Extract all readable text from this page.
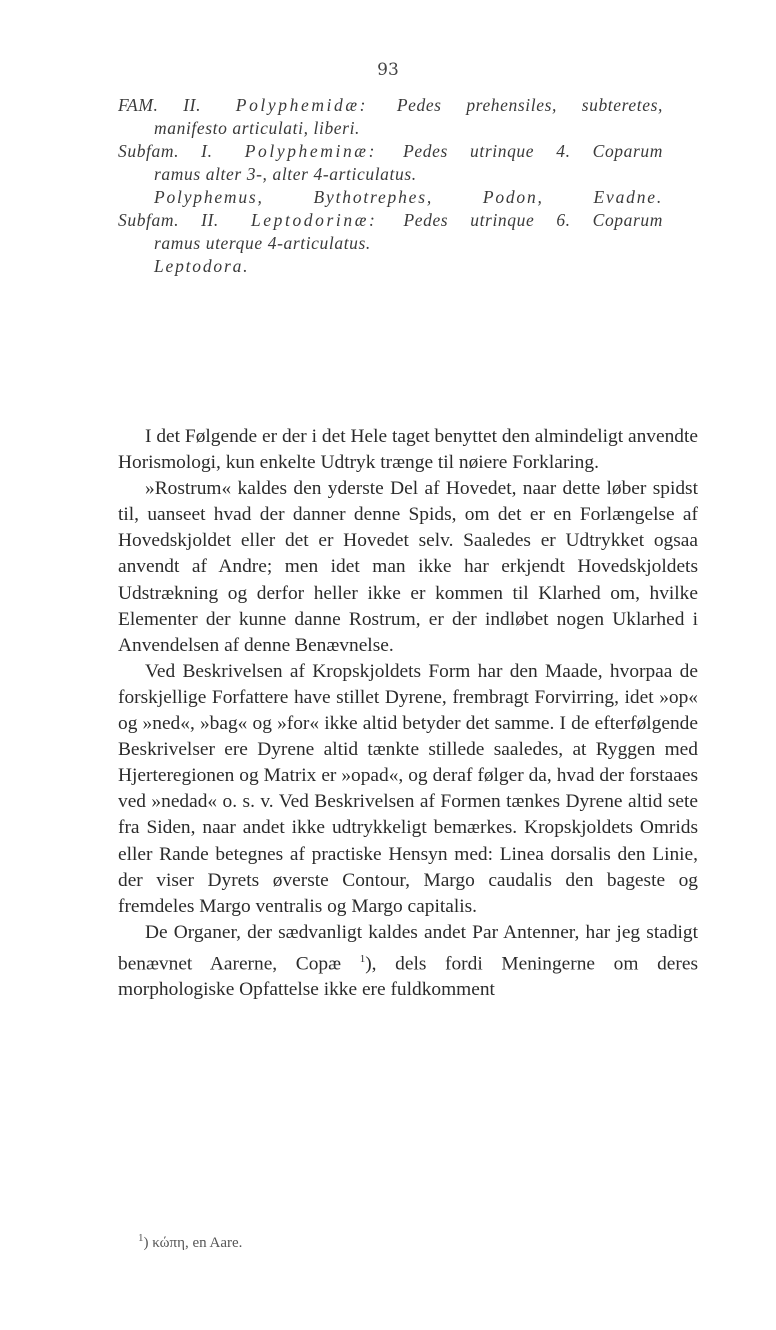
93
FAM. II. Polyphemidæ: Pedes prehensiles, subteretes,
manifesto articulati, liberi.
Subfam. I. Polypheminæ: Pedes utrinque 4. Coparum
ramus alter 3-, alter 4-articulatus.
Polyphemus, Bythotrephes, Podon, Evadne.
Subfam. II. Leptodorinæ: Pedes utrinque 6. Coparum
ramus uterque 4-articulatus.
Leptodora.

I det Følgende er der i det Hele taget benyttet den almindeligt anvendte Horismologi, kun enkelte Udtryk trænge til nøiere Forklaring.

»Rostrum« kaldes den yderste Del af Hovedet, naar dette løber spidst til, uanseet hvad der danner denne Spids, om det er en Forlængelse af Hovedskjoldet eller det er Hovedet selv. Saaledes er Udtrykket ogsaa anvendt af Andre; men idet man ikke har erkjendt Hovedskjoldets Udstrækning og derfor heller ikke er kommen til Klarhed om, hvilke Elementer der kunne danne Rostrum, er der indløbet nogen Uklarhed i Anvendelsen af denne Benævnelse.

Ved Beskrivelsen af Kropskjoldets Form har den Maade, hvorpaa de forskjellige Forfattere have stillet Dyrene, frembragt Forvirring, idet »op« og »ned«, »bag« og »for« ikke altid betyder det samme. I de efterfølgende Beskrivelser ere Dyrene altid tænkte stillede saaledes, at Ryggen med Hjerteregionen og Matrix er »opad«, og deraf følger da, hvad der forstaaes ved »nedad« o. s. v. Ved Beskrivelsen af Formen tænkes Dyrene altid sete fra Siden, naar andet ikke udtrykkeligt bemærkes. Kropskjoldets Omrids eller Rande betegnes af practiske Hensyn med: Linea dorsalis den Linie, der viser Dyrets øverste Contour, Margo caudalis den bageste og fremdeles Margo ventralis og Margo capitalis.

De Organer, der sædvanligt kaldes andet Par Antenner, har jeg stadigt benævnet Aarerne, Copæ $^1$), dels fordi Meningerne om deres morphologiske Opfattelse ikke ere fuldkomment

$^1$) κώπη, en Aare.
